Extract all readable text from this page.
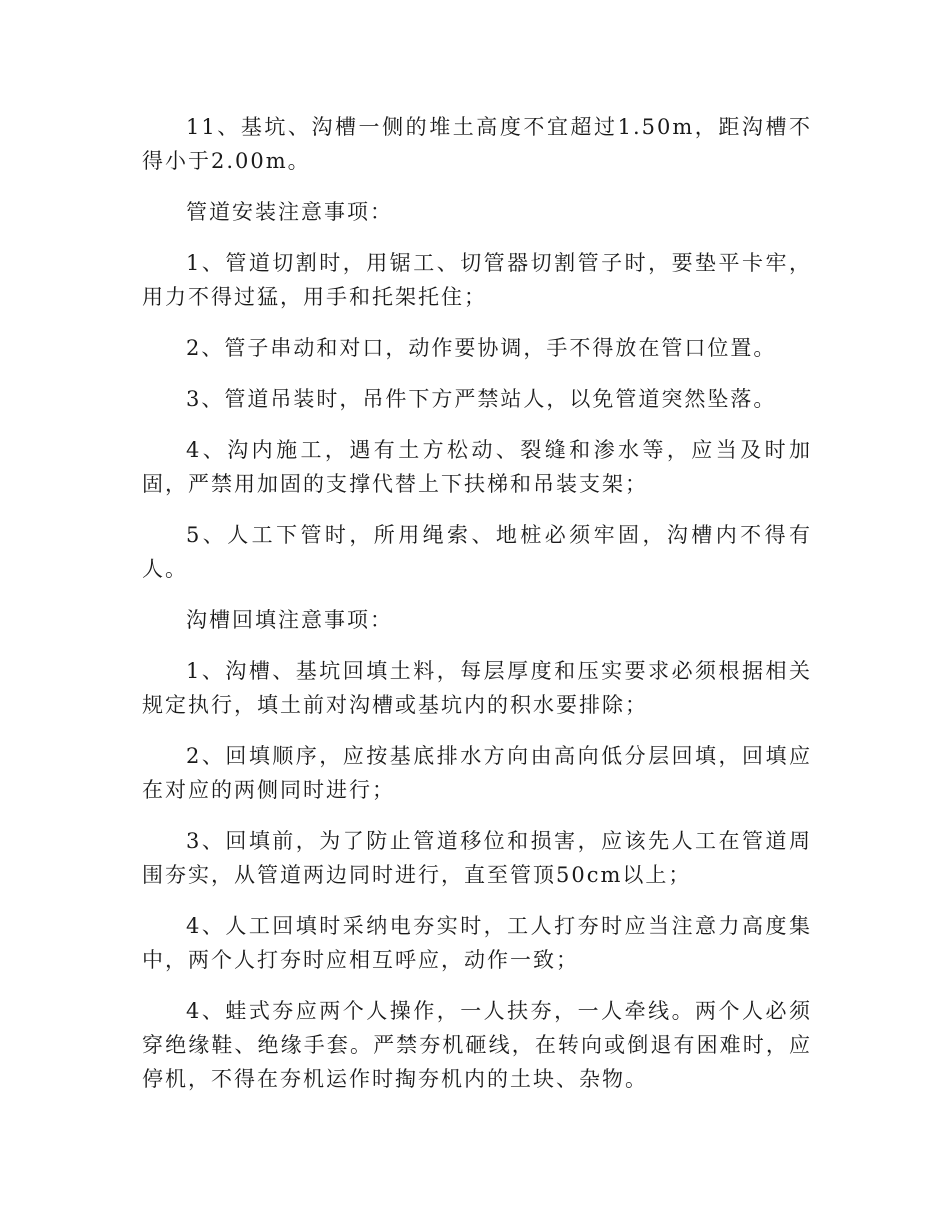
11、基坑、沟槽一侧的堆土高度不宜超过1.50m，距沟槽不得小于2.00m。

管道安装注意事项：

1、管道切割时，用锯工、切管器切割管子时，要垫平卡牢，用力不得过猛，用手和托架托住；

2、管子串动和对口，动作要协调，手不得放在管口位置。

3、管道吊装时，吊件下方严禁站人，以免管道突然坠落。

4、沟内施工，遇有土方松动、裂缝和渗水等，应当及时加固，严禁用加固的支撑代替上下扶梯和吊装支架；

5、人工下管时，所用绳索、地桩必须牢固，沟槽内不得有人。

沟槽回填注意事项：

1、沟槽、基坑回填土料，每层厚度和压实要求必须根据相关规定执行，填土前对沟槽或基坑内的积水要排除；

2、回填顺序，应按基底排水方向由高向低分层回填，回填应在对应的两侧同时进行；

3、回填前，为了防止管道移位和损害，应该先人工在管道周围夯实，从管道两边同时进行，直至管顶50cm以上；

4、人工回填时采纳电夯实时，工人打夯时应当注意力高度集中，两个人打夯时应相互呼应，动作一致；

4、蛙式夯应两个人操作，一人扶夯，一人牵线。两个人必须穿绝缘鞋、绝缘手套。严禁夯机砸线，在转向或倒退有困难时，应停机，不得在夯机运作时掏夯机内的土块、杂物。
